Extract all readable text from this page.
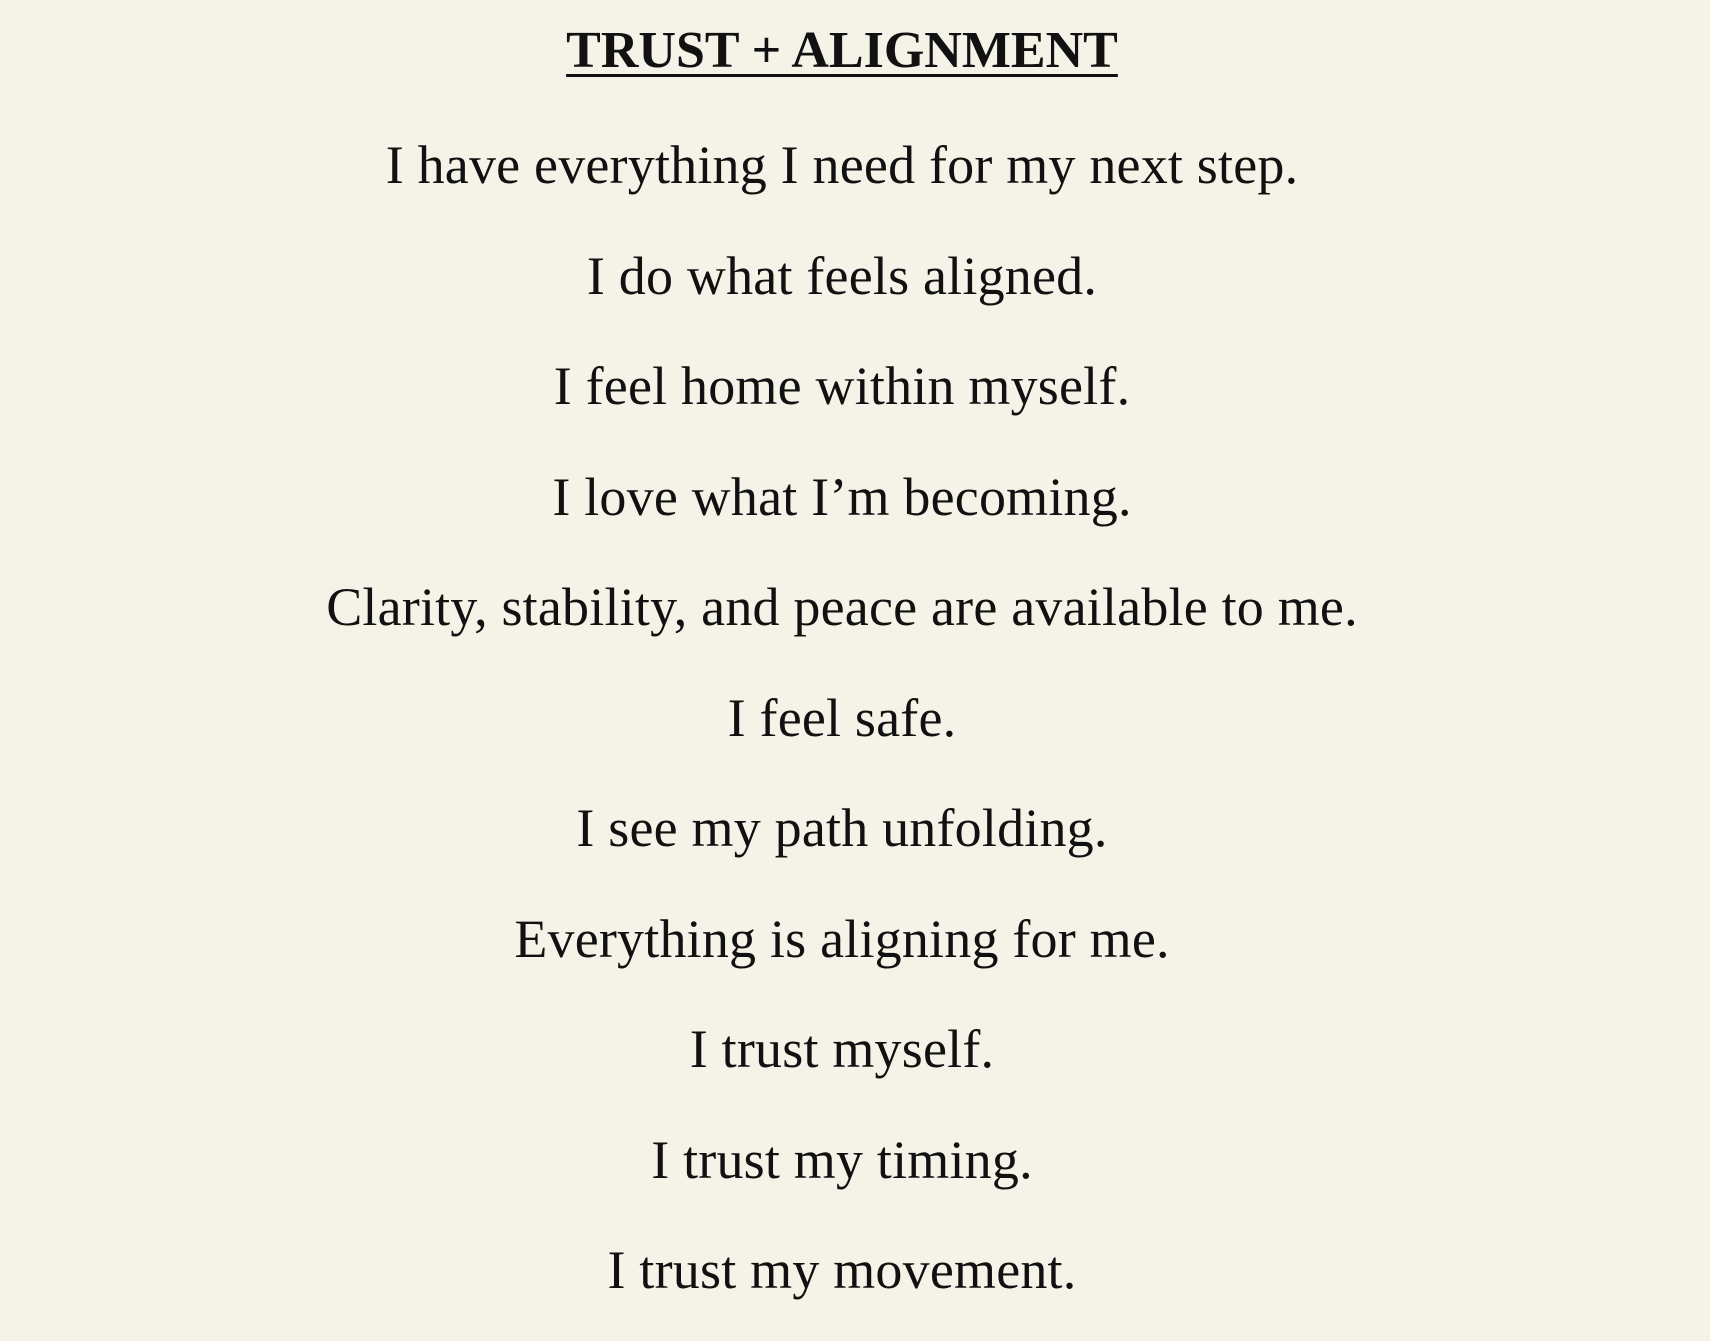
TRUST + ALIGNMENT
I have everything I need for my next step.
I do what feels aligned.
I feel home within myself.
I love what I’m becoming.
Clarity, stability, and peace are available to me.
I feel safe.
I see my path unfolding.
Everything is aligning for me.
I trust myself.
I trust my timing.
I trust my movement.
